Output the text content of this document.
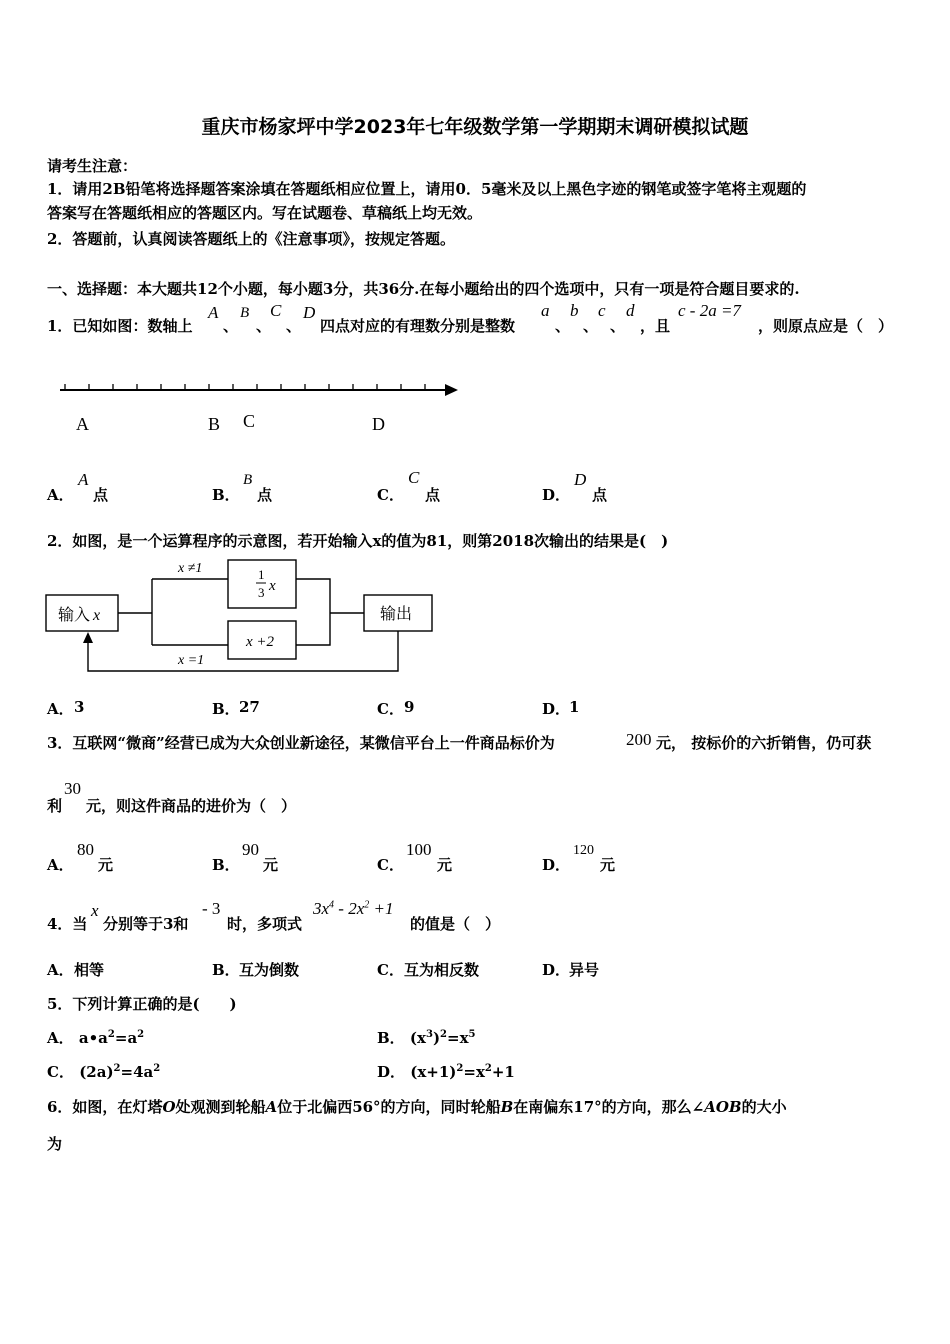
重庆市杨家坪中学2023年七年级数学第一学期期末调研模拟试题
请考生注意：
1．请用2B铅笔将选择题答案涂填在答题纸相应位置上，请用0．5毫米及以上黑色字迹的钢笔或签字笔将主观题的
答案写在答题纸相应的答题区内。写在试题卷、草稿纸上均无效。
2．答题前，认真阅读答题纸上的《注意事项》，按规定答题。
一、选择题：本大题共12个小题，每小题3分，共36分.在每小题给出的四个选项中，只有一项是符合题目要求的.
1．已知如图：数轴上
A
、
B
、
C
、
D
四点对应的有理数分别是整数
a
、
b
、
c
、
d
，且
c - 2a =7
，则原点应是（　）
A	B C	D
A．
A
点	B．
B
点	C．
C
点	D．
D
点
2．如图，是一个运算程序的示意图，若开始输入x的值为81，则第2018次输出的结果是(　)
输入 x	输出
x ≠1
x =1
1
3 x
x +2
A． 3	B． 27	C． 9	D．
1
3．互联网“微商”经营已成为大众创业新途径，某微信平台上一件商品标价为	200 元， 按标价的六折销售，仍可获
利
30
元，则这件商品的进价为（　）
A．
80
元	B．
90
元	C．
100
元	D．
120
元
4．当
x
分别等于3和
- 3
时，多项式
$3x^4 - 2x^2 +1$
的值是（　）
A． 相等	B． 互为倒数	C． 互为相反数	D．
异号
5．下列计算正确的是(　　)
A． $a•a^2=a^2$	B． $(x^3)^2=x^5$
C． $(2a)^2=4a^2$	D． $(x+1)^2=x^2+1$
6．如图，在灯塔O处观测到轮船A位于北偏西56°的方向，同时轮船B在南偏东17°的方向，那么∠AOB的大小
为
